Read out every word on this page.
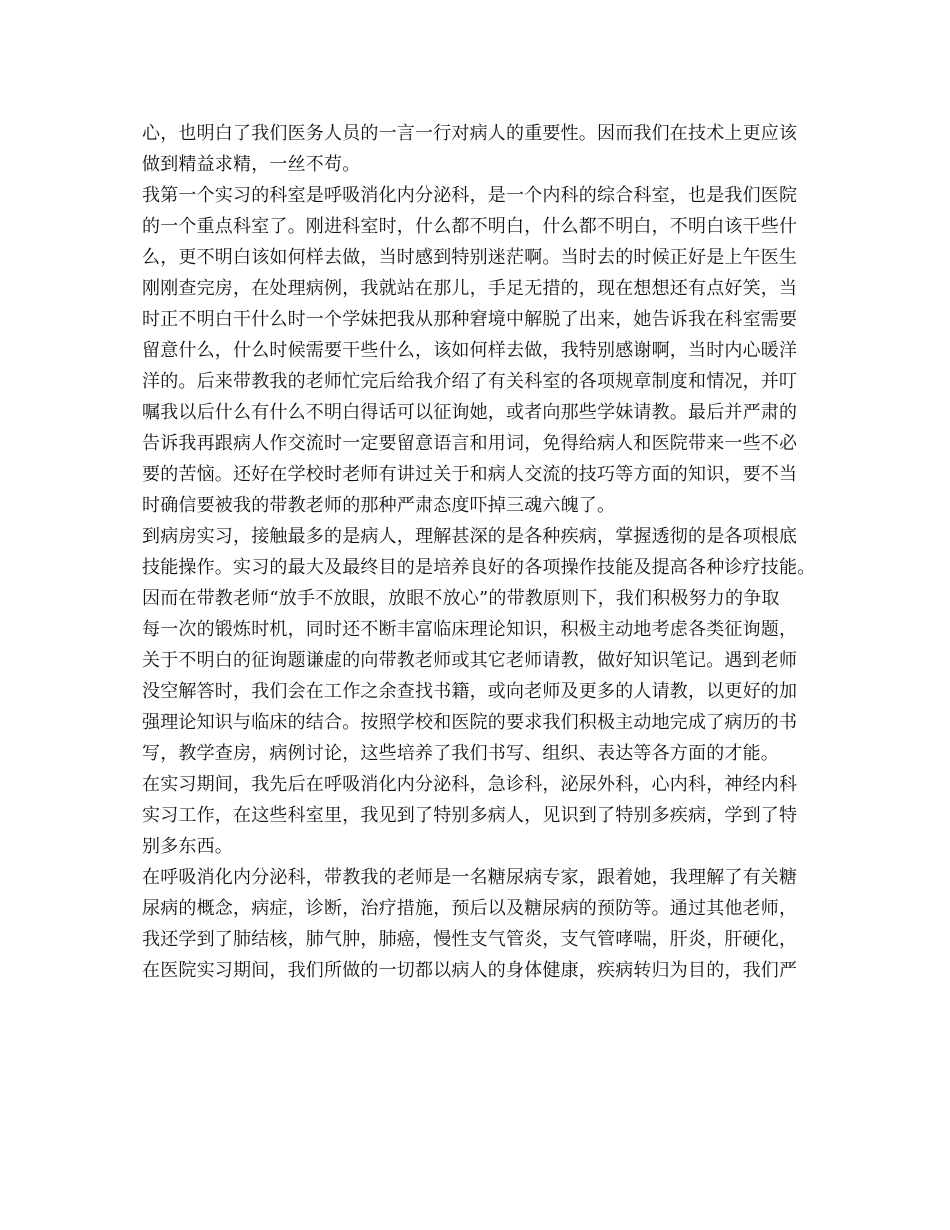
心，也明白了我们医务人员的一言一行对病人的重要性。因而我们在技术上更应该
做到精益求精，一丝不苟。
我第一个实习的科室是呼吸消化内分泌科，是一个内科的综合科室，也是我们医院
的一个重点科室了。刚进科室时，什么都不明白，什么都不明白，不明白该干些什
么，更不明白该如何样去做，当时感到特别迷茫啊。当时去的时候正好是上午医生
刚刚查完房，在处理病例，我就站在那儿，手足无措的，现在想想还有点好笑，当
时正不明白干什么时一个学妹把我从那种窘境中解脱了出来，她告诉我在科室需要
留意什么，什么时候需要干些什么，该如何样去做，我特别感谢啊，当时内心暖洋
洋的。后来带教我的老师忙完后给我介绍了有关科室的各项规章制度和情况，并叮
嘱我以后什么有什么不明白得话可以征询她，或者向那些学妹请教。最后并严肃的
告诉我再跟病人作交流时一定要留意语言和用词，免得给病人和医院带来一些不必
要的苦恼。还好在学校时老师有讲过关于和病人交流的技巧等方面的知识，要不当
时确信要被我的带教老师的那种严肃态度吓掉三魂六魄了。
到病房实习，接触最多的是病人，理解甚深的是各种疾病，掌握透彻的是各项根底
技能操作。实习的最大及最终目的是培养良好的各项操作技能及提高各种诊疗技能。
因而在带教老师“放手不放眼，放眼不放心”的带教原则下，我们积极努力的争取
每一次的锻炼时机，同时还不断丰富临床理论知识，积极主动地考虑各类征询题，
关于不明白的征询题谦虚的向带教老师或其它老师请教，做好知识笔记。遇到老师
没空解答时，我们会在工作之余查找书籍，或向老师及更多的人请教，以更好的加
强理论知识与临床的结合。按照学校和医院的要求我们积极主动地完成了病历的书
写，教学查房，病例讨论，这些培养了我们书写、组织、表达等各方面的才能。
在实习期间，我先后在呼吸消化内分泌科，急诊科，泌尿外科，心内科，神经内科
实习工作，在这些科室里，我见到了特别多病人，见识到了特别多疾病，学到了特
别多东西。
在呼吸消化内分泌科，带教我的老师是一名糖尿病专家，跟着她，我理解了有关糖
尿病的概念，病症，诊断，治疗措施，预后以及糖尿病的预防等。通过其他老师，
我还学到了肺结核，肺气肿，肺癌，慢性支气管炎，支气管哮喘，肝炎，肝硬化，
在医院实习期间，我们所做的一切都以病人的身体健康，疾病转归为目的，我们严
